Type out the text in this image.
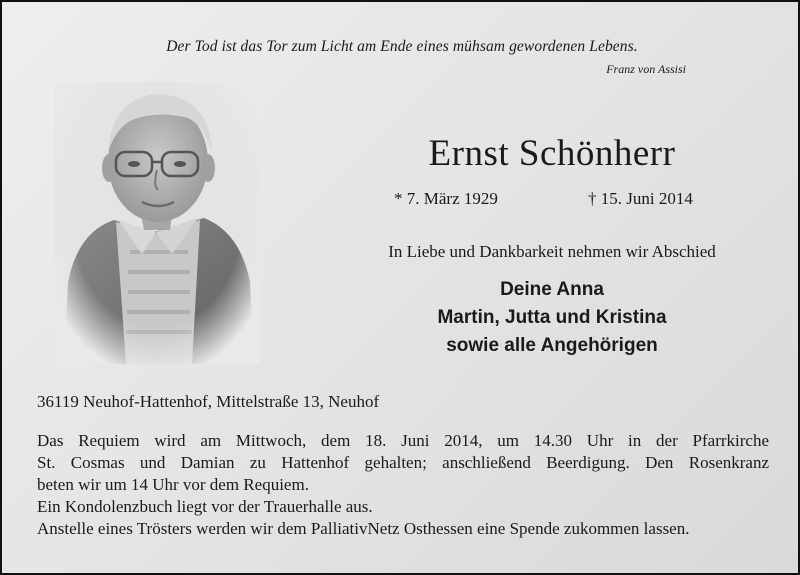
Der Tod ist das Tor zum Licht am Ende eines mühsam gewordenen Lebens.
Franz von Assisi
Ernst Schönherr
* 7. März 1929	† 15. Juni 2014
In Liebe und Dankbarkeit nehmen wir Abschied
Deine Anna
Martin, Jutta und Kristina
sowie alle Angehörigen
36119 Neuhof-Hattenhof, Mittelstraße 13, Neuhof
Das Requiem wird am Mittwoch, dem 18. Juni 2014, um 14.30 Uhr in der Pfarrkirche
St. Cosmas und Damian zu Hattenhof gehalten; anschließend Beerdigung. Den Rosenkranz
beten wir um 14 Uhr vor dem Requiem.
Ein Kondolenzbuch liegt vor der Trauerhalle aus.
Anstelle eines Trösters werden wir dem PalliativNetz Osthessen eine Spende zukommen lassen.
